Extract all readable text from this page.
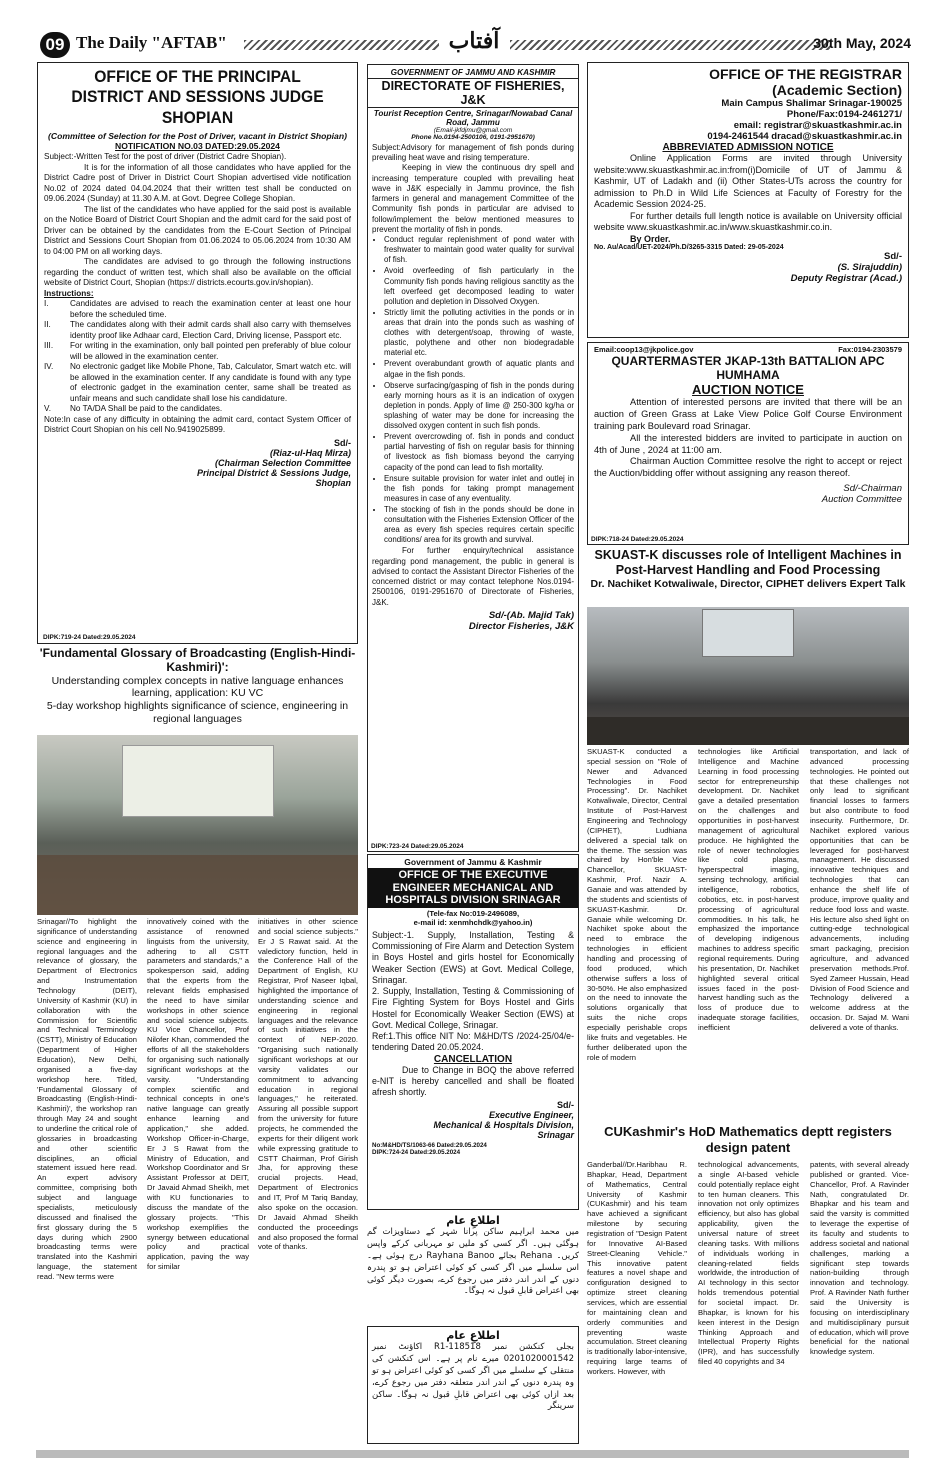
09 The Daily "AFTAB"	آفتاب	30th May, 2024
OFFICE OF THE PRINCIPAL DISTRICT AND SESSIONS JUDGE SHOPIAN
(Committee of Selection for the Post of Driver, vacant in District Shopian)
NOTIFICATION NO.03 DATED:29.05.2024
Subject:-Written Test for the post of driver (District Cadre Shopian).
It is for the information of all those candidates who have applied for the District Cadre post of Driver in District Court Shopian advertised vide notification No.02 of 2024 dated 04.04.2024 that their written test shall be conducted on 09.06.2024 (Sunday) at 11.30 A.M. at Govt. Degree College Shopian.
The list of the candidates who have applied for the said post is available on the Notice Board of District Court Shopian and the admit card for the said post of Driver can be obtained by the candidates from the E-Court Section of Principal District and Sessions Court Shopian from 01.06.2024 to 05.06.2024 from 10:30 AM to 04:00 PM on all working days.
The candidates are advised to go through the following instructions regarding the conduct of written test, which shall also be available on the official website of District Court, Shopian (https:// districts.ecourts.gov.in/shopian).
Instructions:
I.	Candidates are advised to reach the examination center at least one hour before the scheduled time.
II.	The candidates along with their admit cards shall also carry with themselves identity proof like Adhaar card, Election Card, Driving license, Passport etc.
III.	For writing in the examination, only ball pointed pen preferably of blue colour will be allowed in the examination center.
IV.	No electronic gadget like Mobile Phone, Tab, Calculator, Smart watch etc. will be allowed in the examination center. If any candidate is found with any type of electronic gadget in the examination center, same shall be treated as unfair means and such candidate shall lose his candidature.
V.	No TA/DA Shall be paid to the candidates.
Note:In case of any difficulty in obtaining the admit card, contact System Officer of District Court Shopian on his cell No.9419025899.
Sd/-
(Riaz-ul-Haq Mirza)
(Chairman Selection Committee
Principal District & Sessions Judge,
Shopian
DIPK:719-24 Dated:29.05.2024
'Fundamental Glossary of Broadcasting (English-Hindi-Kashmiri)':
Understanding complex concepts in native language enhances learning, application: KU VC
5-day workshop highlights significance of science, engineering in regional languages
Srinagar//To highlight the significance of understanding science and engineering in regional languages and the relevance of glossary, the Department of Electronics and Instrumentation Technology (DEIT), University of Kashmir (KU) in collaboration with the Commission for Scientific and Technical Terminology (CSTT), Ministry of Education (Department of Higher Education), New Delhi, organised a five-day workshop here. Titled, 'Fundamental Glossary of Broadcasting (English-Hindi-Kashmiri)', the workshop ran through May 24 and sought to underline the critical role of glossaries in broadcasting and other scientific disciplines, an official statement issued here read. An expert advisory committee, comprising both subject and language specialists, meticulously discussed and finalised the first glossary during the 5 days during which 2900 broadcasting terms were translated into the Kashmiri language, the statement read. "New terms were
innovatively coined with the assistance of renowned linguists from the university, adhering to all CSTT parameters and standards," a spokesperson said, adding that the experts from the relevant fields emphasised the need to have similar workshops in other science and social science subjects. KU Vice Chancellor, Prof Nilofer Khan, commended the efforts of all the stakeholders for organising such nationally significant workshops at the varsity. "Understanding complex scientific and technical concepts in one's native language can greatly enhance learning and application," she added. Workshop Officer-in-Charge, Er J S Rawat from the Ministry of Education, and Workshop Coordinator and Sr Assistant Professor at DEIT, Dr Javaid Ahmad Sheikh, met with KU functionaries to discuss the mandate of the glossary projects. "This workshop exemplifies the synergy between educational policy and practical application, paving the way for similar
initiatives in other science and social science subjects." Er J S Rawat said. At the valedictory function, held in the Conference Hall of the Department of English, KU Registrar, Prof Naseer Iqbal, highlighted the importance of understanding science and engineering in regional languages and the relevance of such initiatives in the context of NEP-2020. "Organising such nationally significant workshops at our varsity validates our commitment to advancing education in regional languages," he reiterated. Assuring all possible support from the university for future projects, he commended the experts for their diligent work while expressing gratitude to CSTT Chairman, Prof Girish Jha, for approving these crucial projects. Head, Department of Electronics and IT, Prof M Tariq Banday, also spoke on the occasion. Dr Javaid Ahmad Sheikh conducted the proceedings and also proposed the formal vote of thanks.
GOVERNMENT OF JAMMU AND KASHMIR
DIRECTORATE OF FISHERIES, J&K
Tourist Reception Centre, Srinagar/Nowabad Canal Road, Jammu
(Email-jkfdjmu@gmail.com
Phone No.0194-2500106, 0191-2951670)
Subject:Advisory for management of fish ponds during prevailing heat wave and rising temperature.
Keeping in view the continuous dry spell and increasing temperature coupled with prevailing heat wave in J&K especially in Jammu province, the fish farmers in general and management Committee of the Community fish ponds in particular are advised to follow/implement the below mentioned measures to prevent the mortality of fish in ponds.
• Conduct regular replenishment of pond water with freshwater to maintain good water quality for survival of fish.
• Avoid overfeeding of fish particularly in the Community fish ponds having religious sanctity as the left overfeed get decomposed leading to water pollution and depletion in Dissolved Oxygen.
• Strictly limit the polluting activities in the ponds or in areas that drain into the ponds such as washing of clothes with detergent/soap, throwing of waste, plastic, polythene and other non biodegradable material etc.
• Prevent overabundant growth of aquatic plants and algae in the fish ponds.
• Observe surfacing/gasping of fish in the ponds during early morning hours as it is an indication of oxygen depletion in ponds. Apply of lime @ 250-300 kg/ha or splashing of water may be done for increasing the dissolved oxygen content in such fish ponds.
• Prevent overcrowding of. fish in ponds and conduct partial harvesting of fish on regular basis for thinning of livestock as fish biomass beyond the carrying capacity of the pond can lead to fish mortality.
• Ensure suitable provision for water inlet and outlej in the fish ponds for taking prompt management measures in case of any eventuality.
• The stocking of fish in the ponds should be done in consultation with the Fisheries Extension Officer of the area as every fish species requires certain specific conditions/ area for its growth and survival.
For further enquiry/technical assistance regarding pond management, the public in general is advised to contact the Assistant Director Fisheries of the concerned district or may contact telephone Nos.0194-2500106, 0191-2951670 of Directorate of Fisheries, J&K.
Sd/-(Ab. Majid Tak)
Director Fisheries, J&K
DIPK:723-24 Dated:29.05.2024
Government of Jammu & Kashmir
OFFICE OF THE EXECUTIVE ENGINEER MECHANICAL AND HOSPITALS DIVISION SRINAGAR
(Tele-fax No:019-2496089,
e-mail id: xenmhchdk@yahoo.in)
Subject:-1. Supply, Installation, Testing & Commissioning of Fire Alarm and Detection System in Boys Hostel and girls hostel for Economically Weaker Section (EWS) at Govt. Medical College, Srinagar.
2. Supply, Installation, Testing & Commissioning of Fire Fighting System for Boys Hostel and Girls Hostel for Economically Weaker Section (EWS) at Govt. Medical College, Srinagar.
Ref:1.This office NIT No: M&HD/TS /2024-25/04/e-tendering Dated 20.05.2024.
CANCELLATION
Due to Change in BOQ the above referred e-NIT is hereby cancelled and shall be floated afresh shortly.
Sd/-
Executive Engineer,
Mechanical & Hospitals Division,
Srinagar
No:M&HD/TS/1063-66 Dated:29.05.2024
DIPK:724-24 Dated:29.05.2024
اطلاعِ عام
میں محمد ابراہیم ساکن پرانا شہر کے دستاویزات گم ہوگئی ہیں۔ اگر کسی کو ملیں تو مہربانی کرکے واپس کریں۔ Rehana بجائے Rayhana Banoo درج ہوئی ہے۔ اس سلسلے میں اگر کسی کو کوئی اعتراض ہو تو پندرہ دنوں کے اندر اندر دفتر میں رجوع کرے، بصورت دیگر کوئی بھی اعتراض قابلِ قبول نہ ہوگا۔
اطلاعِ عام
بجلی کنکشن نمبر 118518-R1 اکاؤنٹ نمبر 0201020001542 میرے نام پر ہے۔ اس کنکشن کی منتقلی کے سلسلے میں اگر کسی کو کوئی اعتراض ہو تو وہ پندرہ دنوں کے اندر اندر متعلقہ دفتر میں رجوع کرے، بعد ازاں کوئی بھی اعتراض قابلِ قبول نہ ہوگا۔ ساکن سرینگر
OFFICE OF THE REGISTRAR
(Academic Section)
Main Campus Shalimar Srinagar-190025
Phone/Fax:0194-2461271/
email: registrar@skuastkashmir.ac.in
0194-2461544 dracad@skuastkashmir.ac.in
ABBREVIATED ADMISSION NOTICE
Online Application Forms are invited through University website:www.skuastkashmir.ac.in:from(i)Domicile of UT of Jammu & Kashmir, UT of Ladakh and (ii) Other States-UTs across the country for admission to Ph.D in Wild Life Sciences at Faculty of Forestry for the Academic Session 2024-25.
For further details full length notice is available on University official website www.skuastkashmir.ac.in/www.skuastkashmir.co.in.
By Order.
No. Au/Acad/UET-2024/Ph.D/3265-3315 Dated: 29-05-2024
Sd/-
(S. Sirajuddin)
Deputy Registrar (Acad.)
Email:coop13@jkpolice.gov	Fax:0194-2303579
QUARTERMASTER JKAP-13th BATTALION APC HUMHAMA
AUCTION NOTICE
Attention of interested persons are invited that there will be an auction of Green Grass at Lake View Police Golf Course Environment training park Boulevard road Srinagar.
All the interested bidders are invited to participate in auction on 4th of June , 2024 at 11:00 am.
Chairman Auction Committee resolve the right to accept or reject the Auction/bidding offer without assigning any reason thereof.
Sd/-Chairman
Auction Committee
DIPK:718-24 Dated:29.05.2024
SKUAST-K discusses role of Intelligent Machines in Post-Harvest Handling and Food Processing
Dr. Nachiket Kotwaliwale, Director, CIPHET delivers Expert Talk
SKUAST-K conducted a special session on "Role of Newer and Advanced Technologies in Food Processing". Dr. Nachiket Kotwaliwale, Director, Central Institute of Post-Harvest Engineering and Technology (CIPHET), Ludhiana delivered a special talk on the theme. The session was chaired by Hon'ble Vice Chancellor, SKUAST-Kashmir, Prof. Nazir A. Ganaie and was attended by the students and scientists of SKUAST-Kashmir. Dr. Ganaie while welcoming Dr. Nachiket spoke about the need to embrace the technologies in efficient handling and processing of food produced, which otherwise suffers a loss of 30-50%. He also emphasized on the need to innovate the solutions organically that suits the niche crops especially perishable crops like fruits and vegetables. He further deliberated upon the role of modern
technologies like Artificial Intelligence and Machine Learning in food processing sector for entrepreneurship development. Dr. Nachiket gave a detailed presentation on the challenges and opportunities in post-harvest management of agricultural produce. He highlighted the role of newer technologies like cold plasma, hyperspectral imaging, sensing technology, artificial intelligence, robotics, cobotics, etc. in post-harvest processing of agricultural commodities. In his talk, he emphasized the importance of developing indigenous machines to address specific regional requirements. During his presentation, Dr. Nachiket highlighted several critical issues faced in the post-harvest handling such as the loss of produce due to inadequate storage facilities, inefficient
transportation, and lack of advanced processing technologies. He pointed out that these challenges not only lead to significant financial losses to farmers but also contribute to food insecurity. Furthermore, Dr. Nachiket explored various opportunities that can be leveraged for post-harvest management. He discussed innovative techniques and technologies that can enhance the shelf life of produce, improve quality and reduce food loss and waste. His lecture also shed light on cutting-edge technological advancements, including smart packaging, precision agriculture, and advanced preservation methods.Prof. Syed Zameer Hussain, Head Division of Food Science and Technology delivered a welcome address at the occasion. Dr. Sajad M. Wani delivered a vote of thanks.
CUKashmir's HoD Mathematics deptt registers design patent
Ganderbal//Dr.Haribhau R. Bhapkar, Head, Department of Mathematics, Central University of Kashmir (CUKashmir) and his team have achieved a significant milestone by securing registration of "Design Patent for Innovative AI-Based Street-Cleaning Vehicle." This innovative patent features a novel shape and configuration designed to optimize street cleaning services, which are essential for maintaining clean and orderly communities and preventing waste accumulation. Street cleaning is traditionally labor-intensive, requiring large teams of workers. However, with
technological advancements, a single AI-based vehicle could potentially replace eight to ten human cleaners. This innovation not only optimizes efficiency, but also has global applicability, given the universal nature of street cleaning tasks. With millions of individuals working in cleaning-related fields worldwide, the introduction of AI technology in this sector holds tremendous potential for societal impact. Dr. Bhapkar, is known for his keen interest in the Design Thinking Approach and Intellectual Property Rights (IPR), and has successfully filed 40 copyrights and 34
patents, with several already published or granted. Vice-Chancellor, Prof. A Ravinder Nath, congratulated Dr. Bhapkar and his team and said the varsity is committed to leverage the expertise of its faculty and students to address societal and national challenges, marking a significant step towards nation-building through innovation and technology. Prof. A Ravinder Nath further said the University is focusing on interdisciplinary and multidisciplinary pursuit of education, which will prove beneficial for the national knowledge system.
